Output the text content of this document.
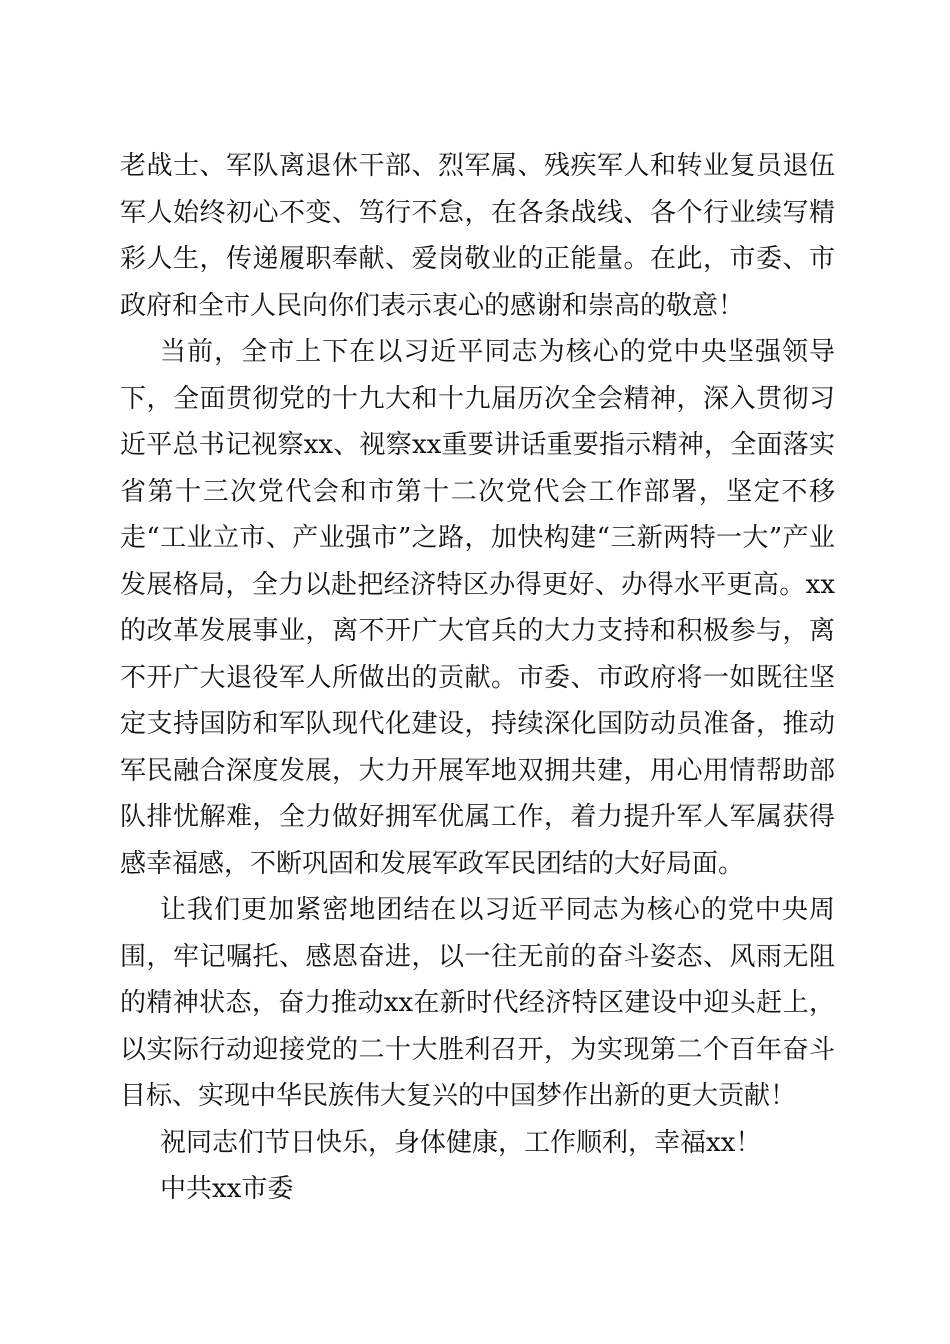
老战士、军队离退休干部、烈军属、残疾军人和转业复员退伍军人始终初心不变、笃行不怠，在各条战线、各个行业续写精彩人生，传递履职奉献、爱岗敬业的正能量。在此，市委、市政府和全市人民向你们表示衷心的感谢和崇高的敬意！

当前，全市上下在以习近平同志为核心的党中央坚强领导下，全面贯彻党的十九大和十九届历次全会精神，深入贯彻习近平总书记视察xx、视察xx重要讲话重要指示精神，全面落实省第十三次党代会和市第十二次党代会工作部署，坚定不移走“工业立市、产业强市”之路，加快构建“三新两特一大”产业发展格局，全力以赴把经济特区办得更好、办得水平更高。xx的改革发展事业，离不开广大官兵的大力支持和积极参与，离不开广大退役军人所做出的贡献。市委、市政府将一如既往坚定支持国防和军队现代化建设，持续深化国防动员准备，推动军民融合深度发展，大力开展军地双拥共建，用心用情帮助部队排忧解难，全力做好拥军优属工作，着力提升军人军属获得感幸福感，不断巩固和发展军政军民团结的大好局面。

让我们更加紧密地团结在以习近平同志为核心的党中央周围，牢记嘱托、感恩奋进，以一往无前的奋斗姿态、风雨无阻的精神状态，奋力推动xx在新时代经济特区建设中迎头赶上，以实际行动迎接党的二十大胜利召开，为实现第二个百年奋斗目标、实现中华民族伟大复兴的中国梦作出新的更大贡献！

祝同志们节日快乐，身体健康，工作顺利，幸福xx！

中共xx市委
